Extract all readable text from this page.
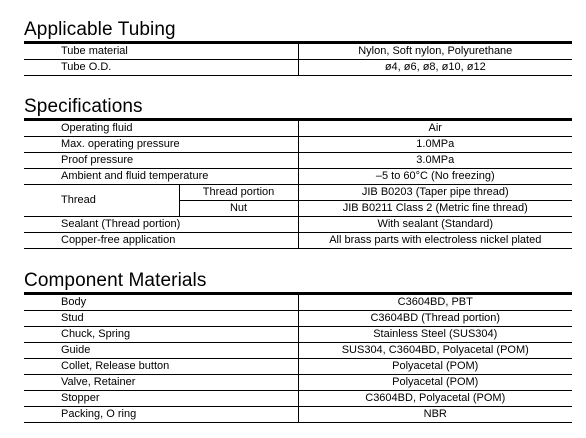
Applicable Tubing
Tube material	Nylon, Soft nylon, Polyurethane
Tube O.D.	ø4, ø6, ø8, ø10, ø12
Specifications
Operating fluid		Air
Max. operating pressure		1.0MPa
Proof pressure		3.0MPa
Ambient and fluid temperature		–5 to 60°C (No freezing)
Thread	Thread portion	JIB B0203 (Taper pipe thread)
	Nut	JIB B0211 Class 2 (Metric fine thread)
Sealant (Thread portion)		With sealant (Standard)
Copper-free application		All brass parts with electroless nickel plated
Component Materials
Body	C3604BD, PBT
Stud	C3604BD (Thread portion)
Chuck, Spring	Stainless Steel (SUS304)
Guide	SUS304, C3604BD, Polyacetal (POM)
Collet, Release button	Polyacetal (POM)
Valve, Retainer	Polyacetal (POM)
Stopper	C3604BD, Polyacetal (POM)
Packing, O ring	NBR
